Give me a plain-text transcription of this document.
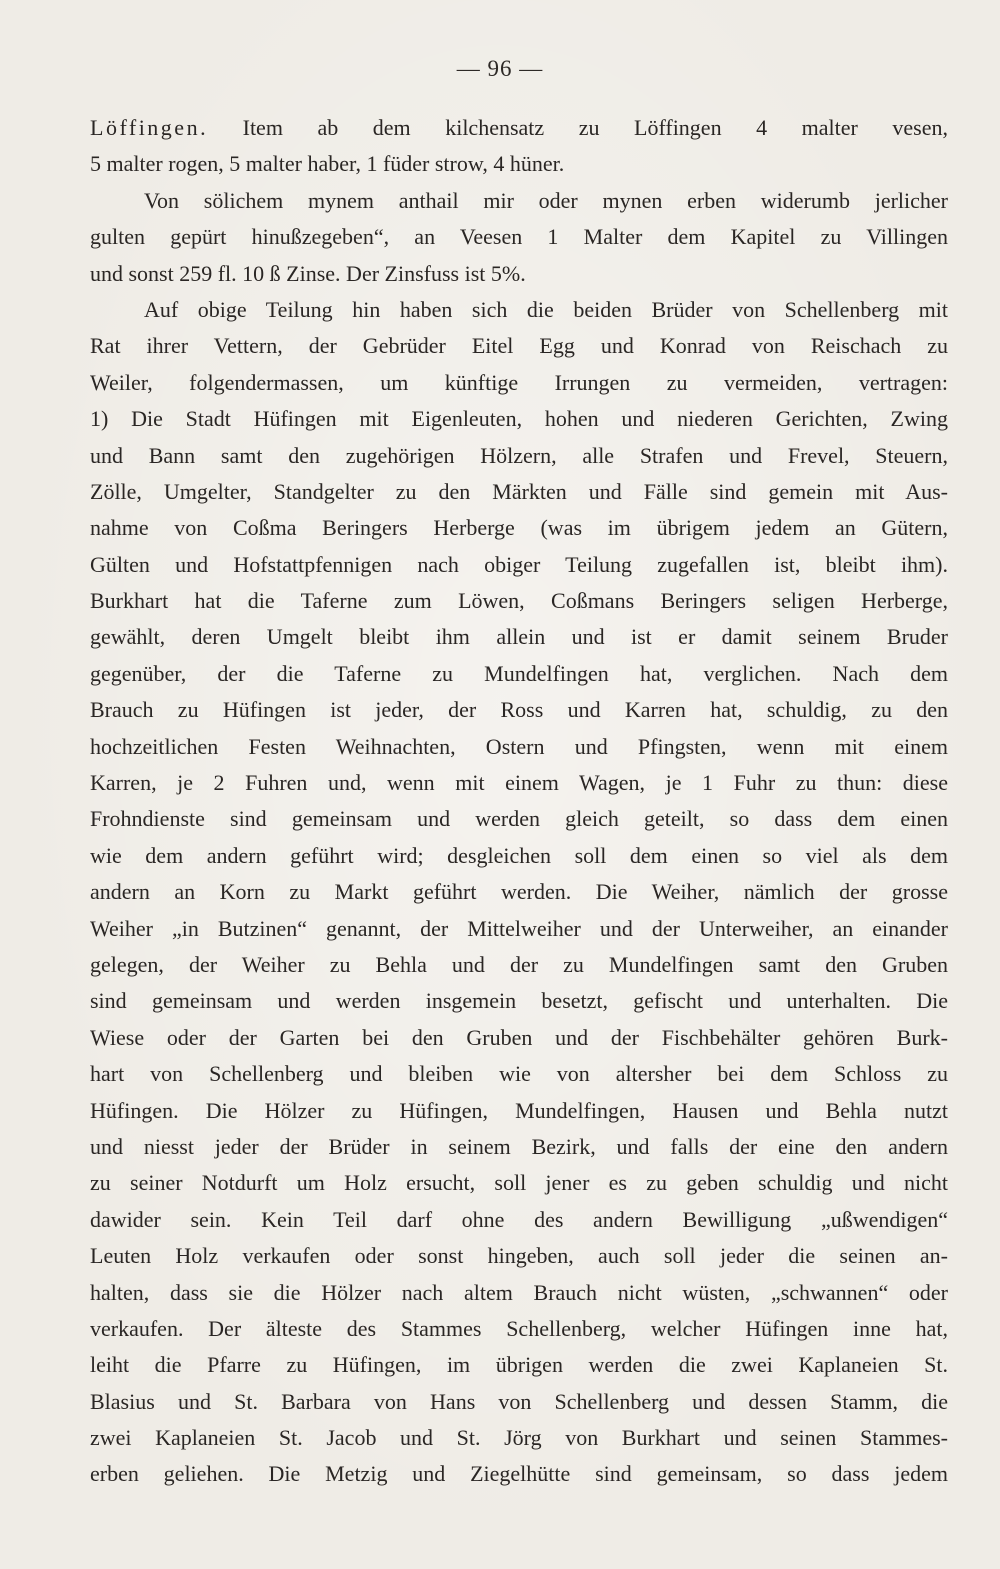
— 96 —
Löffingen. Item ab dem kilchensatz zu Löffingen 4 malter vesen,
5 malter rogen, 5 malter haber, 1 füder strow, 4 hüner.
Von sölichem mynem anthail mir oder mynen erben widerumb jerlicher
gulten gepürt hinußzegeben“, an Veesen 1 Malter dem Kapitel zu Villingen
und sonst 259 fl. 10 ß Zinse. Der Zinsfuss ist 5%.
Auf obige Teilung hin haben sich die beiden Brüder von Schellenberg mit
Rat ihrer Vettern, der Gebrüder Eitel Egg und Konrad von Reischach zu
Weiler, folgendermassen, um künftige Irrungen zu vermeiden, vertragen:
1) Die Stadt Hüfingen mit Eigenleuten, hohen und niederen Gerichten, Zwing
und Bann samt den zugehörigen Hölzern, alle Strafen und Frevel, Steuern,
Zölle, Umgelter, Standgelter zu den Märkten und Fälle sind gemein mit Aus-
nahme von Coßma Beringers Herberge (was im übrigem jedem an Gütern,
Gülten und Hofstattpfennigen nach obiger Teilung zugefallen ist, bleibt ihm).
Burkhart hat die Taferne zum Löwen, Coßmans Beringers seligen Herberge,
gewählt, deren Umgelt bleibt ihm allein und ist er damit seinem Bruder
gegenüber, der die Taferne zu Mundelfingen hat, verglichen. Nach dem
Brauch zu Hüfingen ist jeder, der Ross und Karren hat, schuldig, zu den
hochzeitlichen Festen Weihnachten, Ostern und Pfingsten, wenn mit einem
Karren, je 2 Fuhren und, wenn mit einem Wagen, je 1 Fuhr zu thun: diese
Frohndienste sind gemeinsam und werden gleich geteilt, so dass dem einen
wie dem andern geführt wird; desgleichen soll dem einen so viel als dem
andern an Korn zu Markt geführt werden. Die Weiher, nämlich der grosse
Weiher „in Butzinen“ genannt, der Mittelweiher und der Unterweiher, an einander
gelegen, der Weiher zu Behla und der zu Mundelfingen samt den Gruben
sind gemeinsam und werden insgemein besetzt, gefischt und unterhalten. Die
Wiese oder der Garten bei den Gruben und der Fischbehälter gehören Burk-
hart von Schellenberg und bleiben wie von altersher bei dem Schloss zu
Hüfingen. Die Hölzer zu Hüfingen, Mundelfingen, Hausen und Behla nutzt
und niesst jeder der Brüder in seinem Bezirk, und falls der eine den andern
zu seiner Notdurft um Holz ersucht, soll jener es zu geben schuldig und nicht
dawider sein. Kein Teil darf ohne des andern Bewilligung „ußwendigen“
Leuten Holz verkaufen oder sonst hingeben, auch soll jeder die seinen an-
halten, dass sie die Hölzer nach altem Brauch nicht wüsten, „schwannen“ oder
verkaufen. Der älteste des Stammes Schellenberg, welcher Hüfingen inne hat,
leiht die Pfarre zu Hüfingen, im übrigen werden die zwei Kaplaneien St.
Blasius und St. Barbara von Hans von Schellenberg und dessen Stamm, die
zwei Kaplaneien St. Jacob und St. Jörg von Burkhart und seinen Stammes-
erben geliehen. Die Metzig und Ziegelhütte sind gemeinsam, so dass jedem
